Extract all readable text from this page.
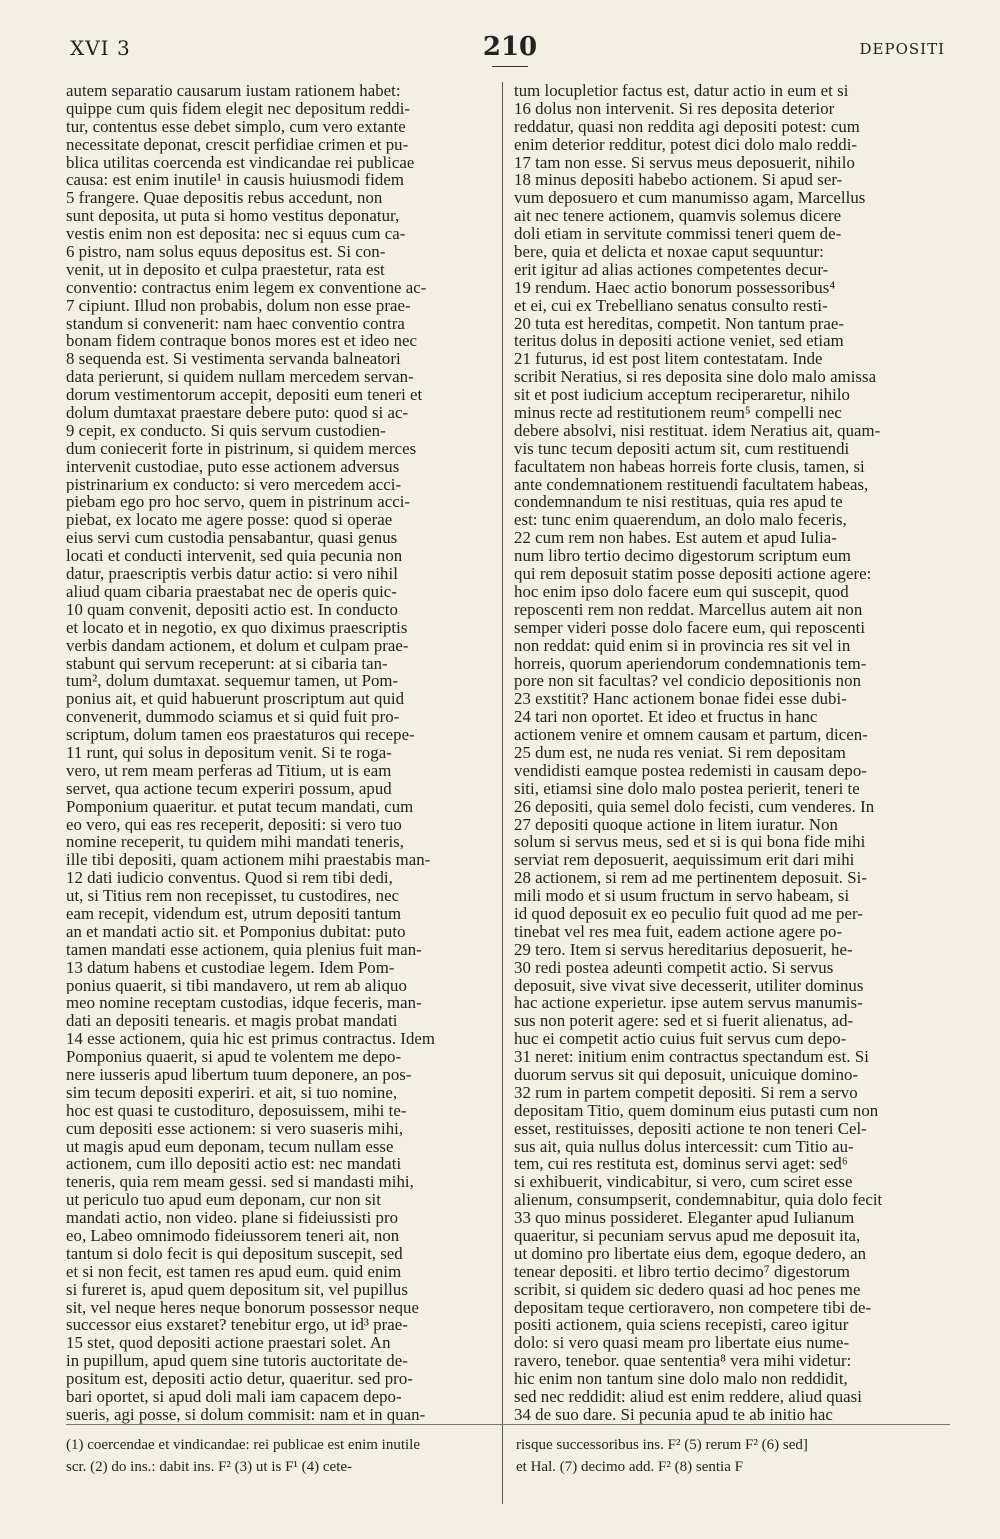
XVI 3	210	DEPOSITI
autem separatio causarum iustam rationem habet:
quippe cum quis fidem elegit nec depositum reddi-
tur, contentus esse debet simplo, cum vero extante
necessitate deponat, crescit perfidiae crimen et pu-
blica utilitas coercenda est vindicandae rei publicae
causa: est enim inutile¹ in causis huiusmodi fidem
5 frangere. Quae depositis rebus accedunt, non
sunt deposita, ut puta si homo vestitus deponatur,
vestis enim non est deposita: nec si equus cum ca-
6 pistro, nam solus equus depositus est. Si con-
venit, ut in deposito et culpa praestetur, rata est
conventio: contractus enim legem ex conventione ac-
7 cipiunt. Illud non probabis, dolum non esse prae-
standum si convenerit: nam haec conventio contra
bonam fidem contraque bonos mores est et ideo nec
8 sequenda est. Si vestimenta servanda balneatori
data perierunt, si quidem nullam mercedem servan-
dorum vestimentorum accepit, depositi eum teneri et
dolum dumtaxat praestare debere puto: quod si ac-
9 cepit, ex conducto. Si quis servum custodien-
dum coniecerit forte in pistrinum, si quidem merces
intervenit custodiae, puto esse actionem adversus
pistrinarium ex conducto: si vero mercedem acci-
piebam ego pro hoc servo, quem in pistrinum acci-
piebat, ex locato me agere posse: quod si operae
eius servi cum custodia pensabantur, quasi genus
locati et conducti intervenit, sed quia pecunia non
datur, praescriptis verbis datur actio: si vero nihil
aliud quam cibaria praestabat nec de operis quic-
10 quam convenit, depositi actio est. In conducto
et locato et in negotio, ex quo diximus praescriptis
verbis dandam actionem, et dolum et culpam prae-
stabunt qui servum receperunt: at si cibaria tan-
tum², dolum dumtaxat. sequemur tamen, ut Pom-
ponius ait, et quid habuerunt proscriptum aut quid
convenerit, dummodo sciamus et si quid fuit pro-
scriptum, dolum tamen eos praestaturos qui recepe-
11 runt, qui solus in depositum venit. Si te roga-
vero, ut rem meam perferas ad Titium, ut is eam
servet, qua actione tecum experiri possum, apud
Pomponium quaeritur. et putat tecum mandati, cum
eo vero, qui eas res receperit, depositi: si vero tuo
nomine receperit, tu quidem mihi mandati teneris,
ille tibi depositi, quam actionem mihi praestabis man-
12 dati iudicio conventus. Quod si rem tibi dedi,
ut, si Titius rem non recepisset, tu custodires, nec
eam recepit, videndum est, utrum depositi tantum
an et mandati actio sit. et Pomponius dubitat: puto
tamen mandati esse actionem, quia plenius fuit man-
13 datum habens et custodiae legem. Idem Pom-
ponius quaerit, si tibi mandavero, ut rem ab aliquo
meo nomine receptam custodias, idque feceris, man-
dati an depositi tenearis. et magis probat mandati
14 esse actionem, quia hic est primus contractus. Idem
Pomponius quaerit, si apud te volentem me depo-
nere iusseris apud libertum tuum deponere, an pos-
sim tecum depositi experiri. et ait, si tuo nomine,
hoc est quasi te custodituro, deposuissem, mihi te-
cum depositi esse actionem: si vero suaseris mihi,
ut magis apud eum deponam, tecum nullam esse
actionem, cum illo depositi actio est: nec mandati
teneris, quia rem meam gessi. sed si mandasti mihi,
ut periculo tuo apud eum deponam, cur non sit
mandati actio, non video. plane si fideiussisti pro
eo, Labeo omnimodo fideiussorem teneri ait, non
tantum si dolo fecit is qui depositum suscepit, sed
et si non fecit, est tamen res apud eum. quid enim
si fureret is, apud quem depositum sit, vel pupillus
sit, vel neque heres neque bonorum possessor neque
successor eius exstaret? tenebitur ergo, ut id³ prae-
15 stet, quod depositi actione praestari solet. An
in pupillum, apud quem sine tutoris auctoritate de-
positum est, depositi actio detur, quaeritur. sed pro-
bari oportet, si apud doli mali iam capacem depo-
sueris, agi posse, si dolum commisit: nam et in quan-
tum locupletior factus est, datur actio in eum et si
16 dolus non intervenit. Si res deposita deterior
reddatur, quasi non reddita agi depositi potest: cum
enim deterior redditur, potest dici dolo malo reddi-
17 tam non esse. Si servus meus deposuerit, nihilo
18 minus depositi habebo actionem. Si apud ser-
vum deposuero et cum manumisso agam, Marcellus
ait nec tenere actionem, quamvis solemus dicere
doli etiam in servitute commissi teneri quem de-
bere, quia et delicta et noxae caput sequuntur:
erit igitur ad alias actiones competentes decur-
19 rendum. Haec actio bonorum possessoribus⁴
et ei, cui ex Trebelliano senatus consulto resti-
20 tuta est hereditas, competit. Non tantum prae-
teritus dolus in depositi actione veniet, sed etiam
21 futurus, id est post litem contestatam. Inde
scribit Neratius, si res deposita sine dolo malo amissa
sit et post iudicium acceptum reciperaretur, nihilo
minus recte ad restitutionem reum⁵ compelli nec
debere absolvi, nisi restituat. idem Neratius ait, quam-
vis tunc tecum depositi actum sit, cum restituendi
facultatem non habeas horreis forte clusis, tamen, si
ante condemnationem restituendi facultatem habeas,
condemnandum te nisi restituas, quia res apud te
est: tunc enim quaerendum, an dolo malo feceris,
22 cum rem non habes. Est autem et apud Iulia-
num libro tertio decimo digestorum scriptum eum
qui rem deposuit statim posse depositi actione agere:
hoc enim ipso dolo facere eum qui suscepit, quod
reposcenti rem non reddat. Marcellus autem ait non
semper videri posse dolo facere eum, qui reposcenti
non reddat: quid enim si in provincia res sit vel in
horreis, quorum aperiendorum condemnationis tem-
pore non sit facultas? vel condicio depositionis non
23 exstitit? Hanc actionem bonae fidei esse dubi-
24 tari non oportet. Et ideo et fructus in hanc
actionem venire et omnem causam et partum, dicen-
25 dum est, ne nuda res veniat. Si rem depositam
vendidisti eamque postea redemisti in causam depo-
siti, etiamsi sine dolo malo postea perierit, teneri te
26 depositi, quia semel dolo fecisti, cum venderes. In
27 depositi quoque actione in litem iuratur. Non
solum si servus meus, sed et si is qui bona fide mihi
serviat rem deposuerit, aequissimum erit dari mihi
28 actionem, si rem ad me pertinentem deposuit. Si-
mili modo et si usum fructum in servo habeam, si
id quod deposuit ex eo peculio fuit quod ad me per-
tinebat vel res mea fuit, eadem actione agere po-
29 tero. Item si servus hereditarius deposuerit, he-
30 redi postea adeunti competit actio. Si servus
deposuit, sive vivat sive decesserit, utiliter dominus
hac actione experietur. ipse autem servus manumis-
sus non poterit agere: sed et si fuerit alienatus, ad-
huc ei competit actio cuius fuit servus cum depo-
31 neret: initium enim contractus spectandum est. Si
duorum servus sit qui deposuit, unicuique domino-
32 rum in partem competit depositi. Si rem a servo
depositam Titio, quem dominum eius putasti cum non
esset, restituisses, depositi actione te non teneri Cel-
sus ait, quia nullus dolus intercessit: cum Titio au-
tem, cui res restituta est, dominus servi aget: sed⁶
si exhibuerit, vindicabitur, si vero, cum sciret esse
alienum, consumpserit, condemnabitur, quia dolo fecit
33 quo minus possideret. Eleganter apud Iulianum
quaeritur, si pecuniam servus apud me deposuit ita,
ut domino pro libertate eius dem, egoque dedero, an
tenear depositi. et libro tertio decimo⁷ digestorum
scribit, si quidem sic dedero quasi ad hoc penes me
depositam teque certioravero, non competere tibi de-
positi actionem, quia sciens recepisti, careo igitur
dolo: si vero quasi meam pro libertate eius nume-
ravero, tenebor. quae sententia⁸ vera mihi videtur:
hic enim non tantum sine dolo malo non reddidit,
sed nec reddidit: aliud est enim reddere, aliud quasi
34 de suo dare. Si pecunia apud te ab initio hac
(1) coercendae et vindicandae: rei publicae est enim inutile
scr. (2) do ins.: dabit ins. F² (3) ut is F¹ (4) cete-
risque successoribus ins. F² (5) rerum F² (6) sed]
et Hal. (7) decimo add. F² (8) sentia F
